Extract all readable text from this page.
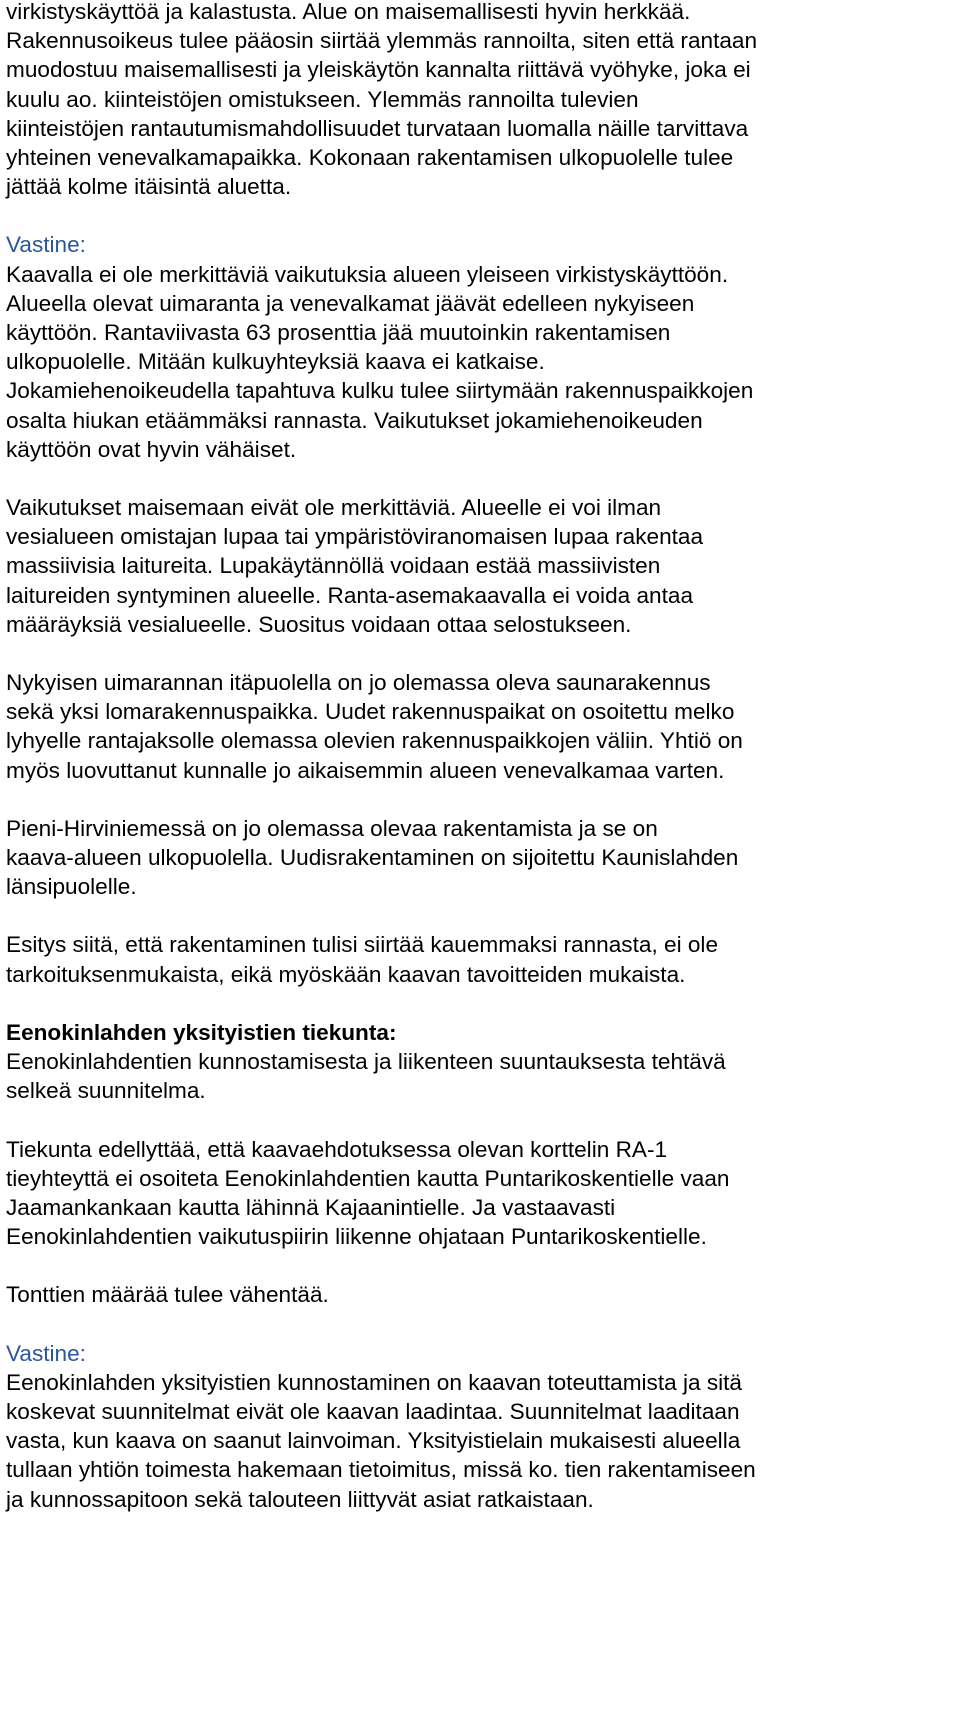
virkistyskäyttöä ja kalastusta. Alue on maisemallisesti hyvin herkkää.
Rakennusoikeus tulee pääosin siirtää ylemmäs rannoilta, siten että rantaan
muodostuu maisemallisesti ja yleiskäytön kannalta riittävä vyöhyke, joka ei
kuulu ao. kiinteistöjen omistukseen. Ylemmäs rannoilta tulevien
kiinteistöjen rantautumismahdollisuudet turvataan luomalla näille tarvittava
yhteinen venevalkamapaikka. Kokonaan rakentamisen ulkopuolelle tulee
jättää kolme itäisintä aluetta.
Vastine:
Kaavalla ei ole merkittäviä vaikutuksia alueen yleiseen virkistyskäyttöön.
Alueella olevat uimaranta ja venevalkamat jäävät edelleen nykyiseen
käyttöön. Rantaviivasta 63 prosenttia jää muutoinkin rakentamisen
ulkopuolelle. Mitään kulkuyhteyksiä kaava ei katkaise.
Jokamiehenoikeudella tapahtuva kulku tulee siirtymään rakennuspaikkojen
osalta hiukan etäämmäksi rannasta. Vaikutukset jokamiehenoikeuden
käyttöön ovat hyvin vähäiset.
Vaikutukset maisemaan eivät ole merkittäviä. Alueelle ei voi ilman
vesialueen omistajan lupaa tai ympäristöviranomaisen lupaa rakentaa
massiivisia laitureita. Lupakäytännöllä voidaan estää massiivisten
laitureiden syntyminen alueelle. Ranta-asemakaavalla ei voida antaa
määräyksiä vesialueelle. Suositus voidaan ottaa selostukseen.
Nykyisen uimarannan itäpuolella on jo olemassa oleva saunarakennus
sekä yksi lomarakennuspaikka. Uudet rakennuspaikat on osoitettu melko
lyhyelle rantajaksolle olemassa olevien rakennuspaikkojen väliin. Yhtiö on
myös luovuttanut kunnalle jo aikaisemmin alueen venevalkamaa varten.
Pieni-Hirviniemessä on jo olemassa olevaa rakentamista ja se on
kaava-alueen ulkopuolella. Uudisrakentaminen on sijoitettu Kaunislahden
länsipuolelle.
Esitys siitä, että rakentaminen tulisi siirtää kauemmaksi rannasta, ei ole
tarkoituksenmukaista, eikä myöskään kaavan tavoitteiden mukaista.
Eenokinlahden yksityistien tiekunta:
Eenokinlahdentien kunnostamisesta ja liikenteen suuntauksesta tehtävä
selkeä suunnitelma.
Tiekunta edellyttää, että kaavaehdotuksessa olevan korttelin RA-1
tieyhteyttä ei osoiteta Eenokinlahdentien kautta Puntarikoskentielle vaan
Jaamankankaan kautta lähinnä Kajaanintielle. Ja vastaavasti
Eenokinlahdentien vaikutuspiirin liikenne ohjataan Puntarikoskentielle.
Tonttien määrää tulee vähentää.
Vastine:
Eenokinlahden yksityistien kunnostaminen on kaavan toteuttamista ja sitä
koskevat suunnitelmat eivät ole kaavan laadintaa. Suunnitelmat laaditaan
vasta, kun kaava on saanut lainvoiman. Yksityistielain mukaisesti alueella
tullaan yhtiön toimesta hakemaan tietoimitus, missä ko. tien rakentamiseen
ja kunnossapitoon sekä talouteen liittyvät asiat ratkaistaan.
